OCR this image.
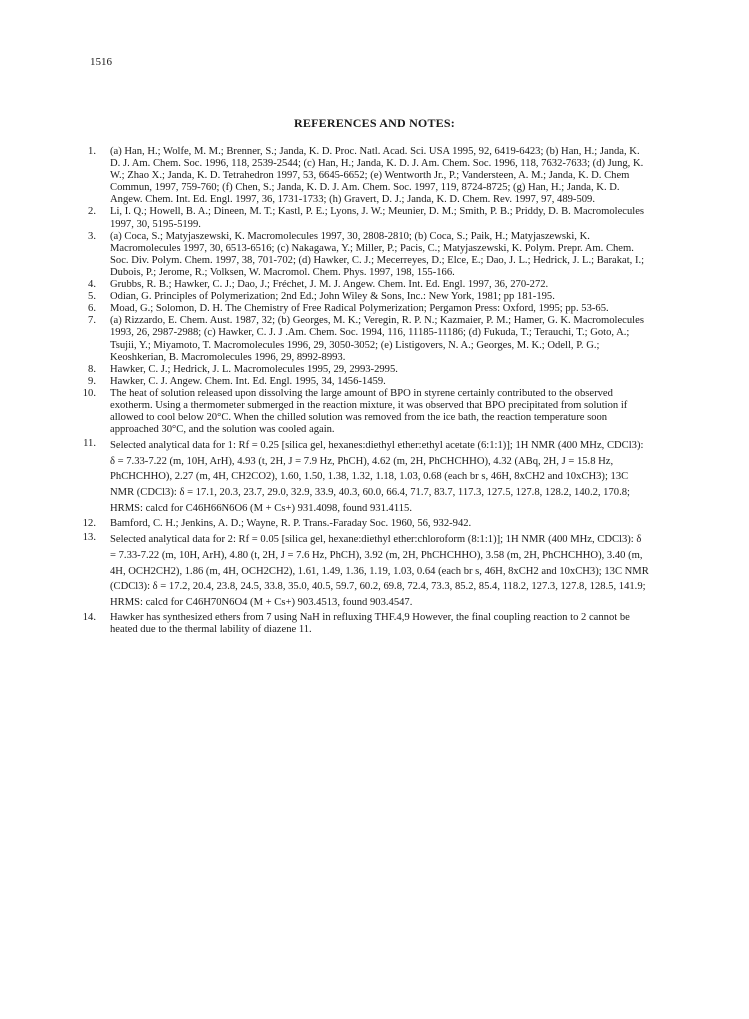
1516
REFERENCES AND NOTES:
1.	(a) Han, H.; Wolfe, M. M.; Brenner, S.; Janda, K. D. Proc. Natl. Acad. Sci. USA 1995, 92, 6419-6423; (b) Han, H.; Janda, K. D. J. Am. Chem. Soc. 1996, 118, 2539-2544; (c) Han, H.; Janda, K. D. J. Am. Chem. Soc. 1996, 118, 7632-7633; (d) Jung, K. W.; Zhao X.; Janda, K. D. Tetrahedron 1997, 53, 6645-6652; (e) Wentworth Jr., P.; Vandersteen, A. M.; Janda, K. D. Chem Commun, 1997, 759-760; (f) Chen, S.; Janda, K. D. J. Am. Chem. Soc. 1997, 119, 8724-8725; (g) Han, H.; Janda, K. D. Angew. Chem. Int. Ed. Engl. 1997, 36, 1731-1733; (h) Gravert, D. J.; Janda, K. D. Chem. Rev. 1997, 97, 489-509.
2.	Li, I. Q.; Howell, B. A.; Dineen, M. T.; Kastl, P. E.; Lyons, J. W.; Meunier, D. M.; Smith, P. B.; Priddy, D. B. Macromolecules 1997, 30, 5195-5199.
3.	(a) Coca, S.; Matyjaszewski, K. Macromolecules 1997, 30, 2808-2810; (b) Coca, S.; Paik, H.; Matyjaszewski, K. Macromolecules 1997, 30, 6513-6516; (c) Nakagawa, Y.; Miller, P.; Pacis, C.; Matyjaszewski, K. Polym. Prepr. Am. Chem. Soc. Div. Polym. Chem. 1997, 38, 701-702; (d) Hawker, C. J.; Mecerreyes, D.; Elce, E.; Dao, J. L.; Hedrick, J. L.; Barakat, I.; Dubois, P.; Jerome, R.; Volksen, W. Macromol. Chem. Phys. 1997, 198, 155-166.
4.	Grubbs, R. B.; Hawker, C. J.; Dao, J.; Fréchet, J. M. J. Angew. Chem. Int. Ed. Engl. 1997, 36, 270-272.
5.	Odian, G. Principles of Polymerization; 2nd Ed.; John Wiley & Sons, Inc.: New York, 1981; pp 181-195.
6.	Moad, G.; Solomon, D. H. The Chemistry of Free Radical Polymerization; Pergamon Press: Oxford, 1995; pp. 53-65.
7.	(a) Rizzardo, E. Chem. Aust. 1987, 32; (b) Georges, M. K.; Veregin, R. P. N.; Kazmaier, P. M.; Hamer, G. K. Macromolecules 1993, 26, 2987-2988; (c) Hawker, C. J. J .Am. Chem. Soc. 1994, 116, 11185-11186; (d) Fukuda, T.; Terauchi, T.; Goto, A.; Tsujii, Y.; Miyamoto, T. Macromolecules 1996, 29, 3050-3052; (e) Listigovers, N. A.; Georges, M. K.; Odell, P. G.; Keoshkerian, B. Macromolecules 1996, 29, 8992-8993.
8.	Hawker, C. J.; Hedrick, J. L. Macromolecules 1995, 29, 2993-2995.
9.	Hawker, C. J. Angew. Chem. Int. Ed. Engl. 1995, 34, 1456-1459.
10.	The heat of solution released upon dissolving the large amount of BPO in styrene certainly contributed to the observed exotherm. Using a thermometer submerged in the reaction mixture, it was observed that BPO precipitated from solution if allowed to cool below 20°C. When the chilled solution was removed from the ice bath, the reaction temperature soon approached 30°C, and the solution was cooled again.
11.	Selected analytical data for 1: Rf = 0.25 [silica gel, hexanes:diethyl ether:ethyl acetate (6:1:1)]; 1H NMR (400 MHz, CDCl3): δ = 7.33-7.22 (m, 10H, ArH), 4.93 (t, 2H, J = 7.9 Hz, PhCH), 4.62 (m, 2H, PhCHCHHO), 4.32 (ABq, 2H, J = 15.8 Hz, PhCHCHHO), 2.27 (m, 4H, CH2CO2), 1.60, 1.50, 1.38, 1.32, 1.18, 1.03, 0.68 (each br s, 46H, 8xCH2 and 10xCH3); 13C NMR (CDCl3): δ = 17.1, 20.3, 23.7, 29.0, 32.9, 33.9, 40.3, 60.0, 66.4, 71.7, 83.7, 117.3, 127.5, 127.8, 128.2, 140.2, 170.8; HRMS: calcd for C46H66N6O6 (M + Cs+) 931.4098, found 931.4115.
12.	Bamford, C. H.; Jenkins, A. D.; Wayne, R. P. Trans.-Faraday Soc. 1960, 56, 932-942.
13.	Selected analytical data for 2: Rf = 0.05 [silica gel, hexane:diethyl ether:chloroform (8:1:1)]; 1H NMR (400 MHz, CDCl3): δ = 7.33-7.22 (m, 10H, ArH), 4.80 (t, 2H, J = 7.6 Hz, PhCH), 3.92 (m, 2H, PhCHCHHO), 3.58 (m, 2H, PhCHCHHO), 3.40 (m, 4H, OCH2CH2), 1.86 (m, 4H, OCH2CH2), 1.61, 1.49, 1.36, 1.19, 1.03, 0.64 (each br s, 46H, 8xCH2 and 10xCH3); 13C NMR (CDCl3): δ = 17.2, 20.4, 23.8, 24.5, 33.8, 35.0, 40.5, 59.7, 60.2, 69.8, 72.4, 73.3, 85.2, 85.4, 118.2, 127.3, 127.8, 128.5, 141.9; HRMS: calcd for C46H70N6O4 (M + Cs+) 903.4513, found 903.4547.
14.	Hawker has synthesized ethers from 7 using NaH in refluxing THF.4,9 However, the final coupling reaction to 2 cannot be heated due to the thermal lability of diazene 11.
